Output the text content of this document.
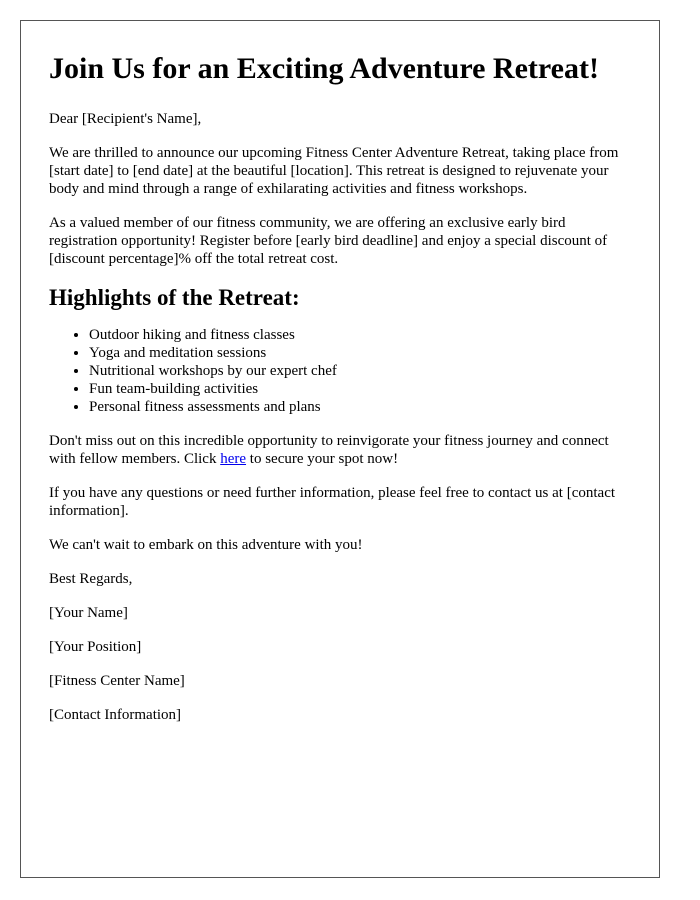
Join Us for an Exciting Adventure Retreat!

Dear [Recipient's Name],

We are thrilled to announce our upcoming Fitness Center Adventure Retreat, taking place from [start date] to [end date] at the beautiful [location]. This retreat is designed to rejuvenate your body and mind through a range of exhilarating activities and fitness workshops.

As a valued member of our fitness community, we are offering an exclusive early bird registration opportunity! Register before [early bird deadline] and enjoy a special discount of [discount percentage]% off the total retreat cost.

Highlights of the Retreat:
• Outdoor hiking and fitness classes
• Yoga and meditation sessions
• Nutritional workshops by our expert chef
• Fun team-building activities
• Personal fitness assessments and plans

Don't miss out on this incredible opportunity to reinvigorate your fitness journey and connect with fellow members. Click here to secure your spot now!

If you have any questions or need further information, please feel free to contact us at [contact information].

We can't wait to embark on this adventure with you!

Best Regards,

[Your Name]

[Your Position]

[Fitness Center Name]

[Contact Information]
